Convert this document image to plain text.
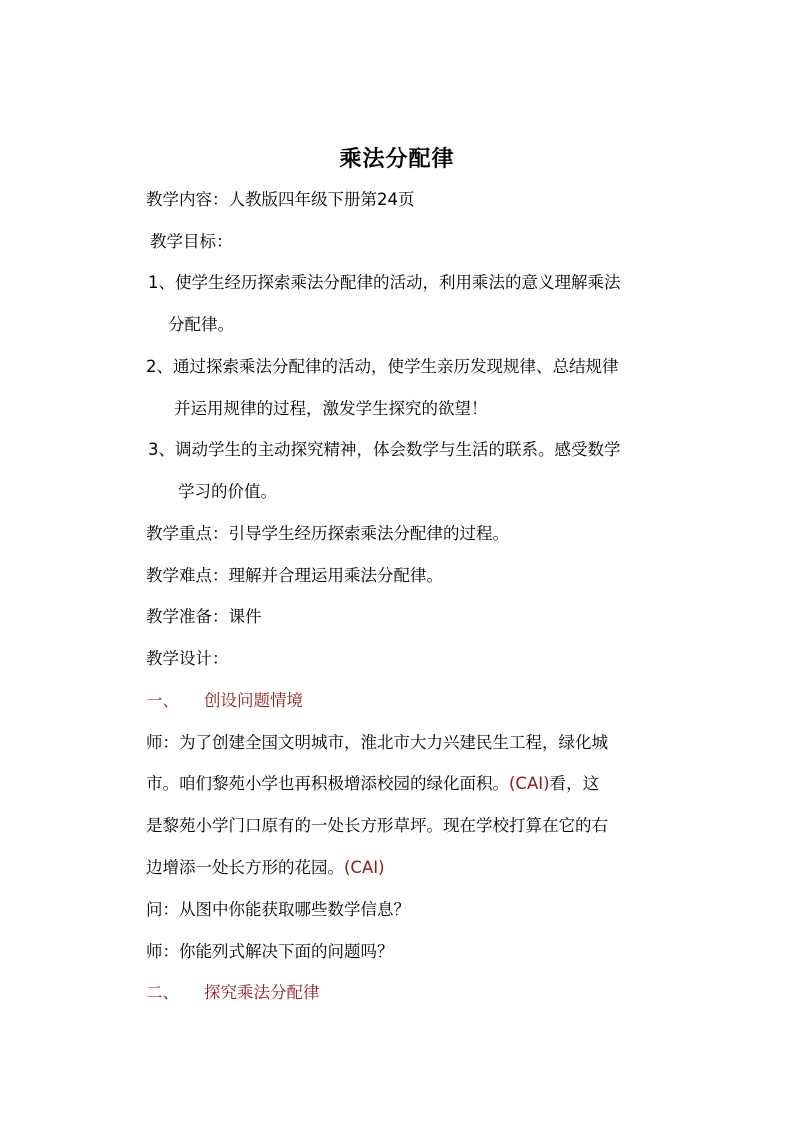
乘法分配律
教学内容：人教版四年级下册第24页
教学目标：
1、使学生经历探索乘法分配律的活动，利用乘法的意义理解乘法
分配律。
2、通过探索乘法分配律的活动，使学生亲历发现规律、总结规律
并运用规律的过程，激发学生探究的欲望！
3、调动学生的主动探究精神，体会数学与生活的联系。感受数学
学习的价值。
教学重点：引导学生经历探索乘法分配律的过程。
教学难点：理解并合理运用乘法分配律。
教学准备：课件
教学设计：
一、 创设问题情境
师：为了创建全国文明城市，淮北市大力兴建民生工程，绿化城
市。咱们黎苑小学也再积极增添校园的绿化面积。(CAI)看，这
是黎苑小学门口原有的一处长方形草坪。现在学校打算在它的右
边增添一处长方形的花园。(CAI)
问：从图中你能获取哪些数学信息？
师：你能列式解决下面的问题吗？
二、 探究乘法分配律
